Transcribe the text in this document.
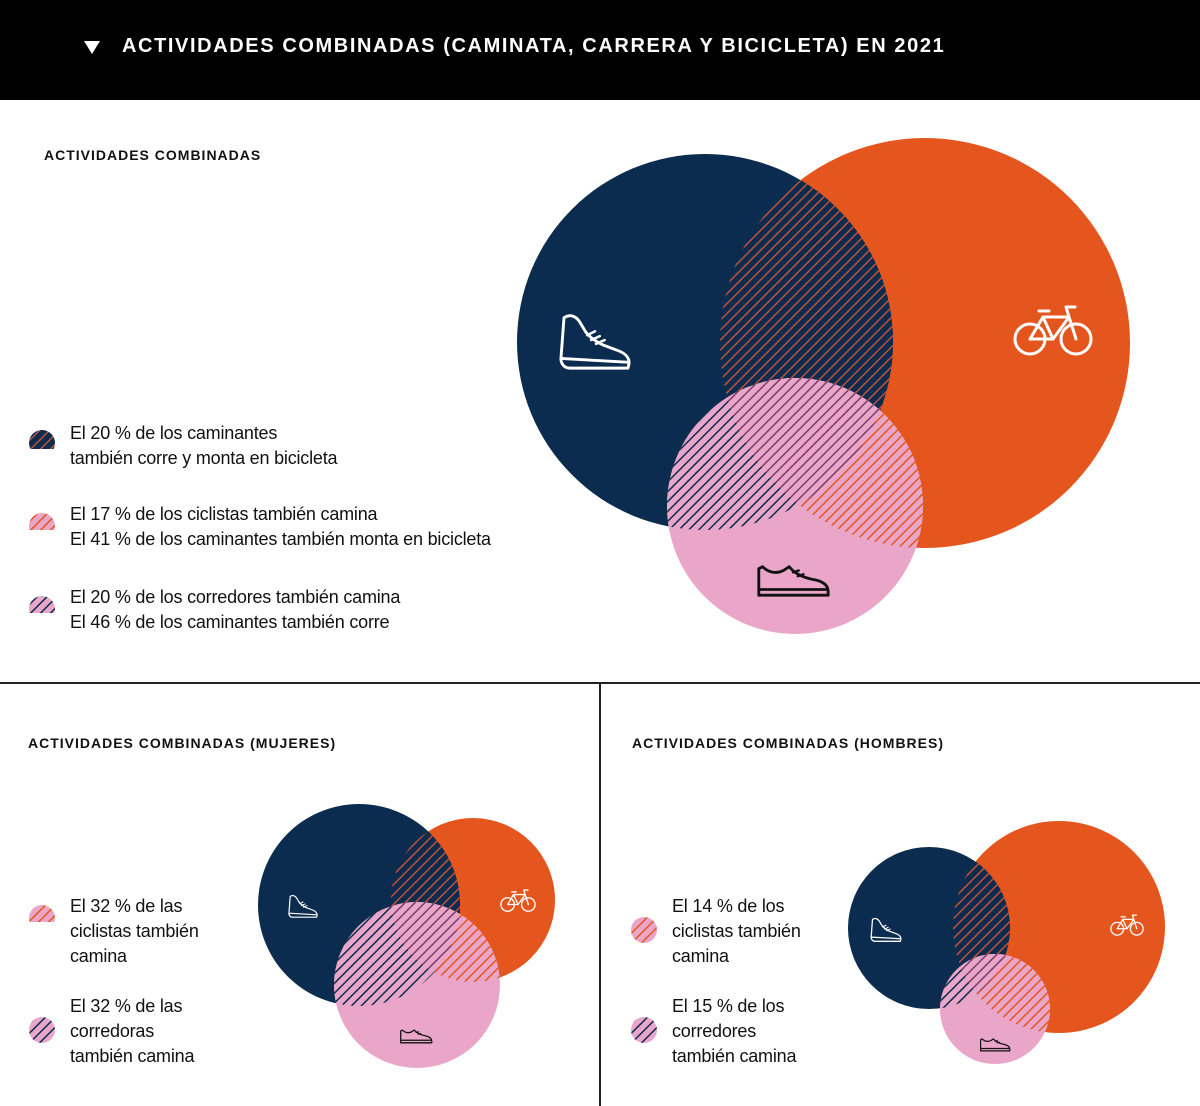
ACTIVIDADES COMBINADAS (CAMINATA, CARRERA Y BICICLETA) EN 2021
ACTIVIDADES COMBINADAS
ACTIVIDADES COMBINADAS (MUJERES)	ACTIVIDADES COMBINADAS (HOMBRES)
El 20 % de los caminantes
también corre y monta en bicicleta
El 17 % de los ciclistas también camina
El 41 % de los caminantes también monta en bicicleta
El 20 % de los corredores también camina
El 46 % de los caminantes también corre
El 32 % de las
ciclistas también
camina
El 32 % de las
corredoras
también camina
El 14 % de los
ciclistas también
camina
El 15 % de los
corredores
también camina
